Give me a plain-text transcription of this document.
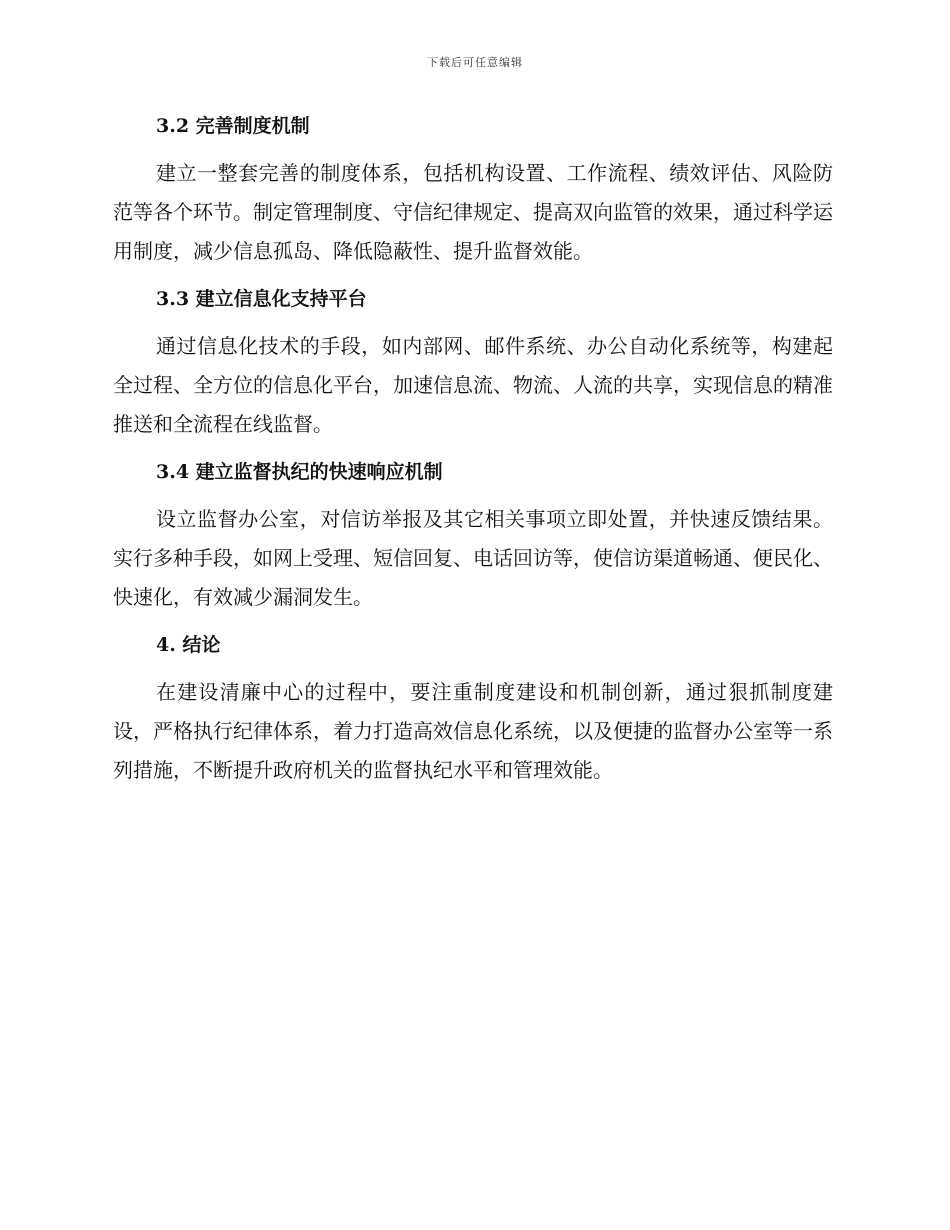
下载后可任意编辑
3.2 完善制度机制

建立一整套完善的制度体系，包括机构设置、工作流程、绩效评估、风险防范等各个环节。制定管理制度、守信纪律规定、提高双向监管的效果，通过科学运用制度，减少信息孤岛、降低隐蔽性、提升监督效能。

3.3 建立信息化支持平台

通过信息化技术的手段，如内部网、邮件系统、办公自动化系统等，构建起全过程、全方位的信息化平台，加速信息流、物流、人流的共享，实现信息的精准推送和全流程在线监督。

3.4 建立监督执纪的快速响应机制

设立监督办公室，对信访举报及其它相关事项立即处置，并快速反馈结果。实行多种手段，如网上受理、短信回复、电话回访等，使信访渠道畅通、便民化、快速化，有效减少漏洞发生。

4. 结论

在建设清廉中心的过程中，要注重制度建设和机制创新，通过狠抓制度建设，严格执行纪律体系，着力打造高效信息化系统，以及便捷的监督办公室等一系列措施，不断提升政府机关的监督执纪水平和管理效能。
